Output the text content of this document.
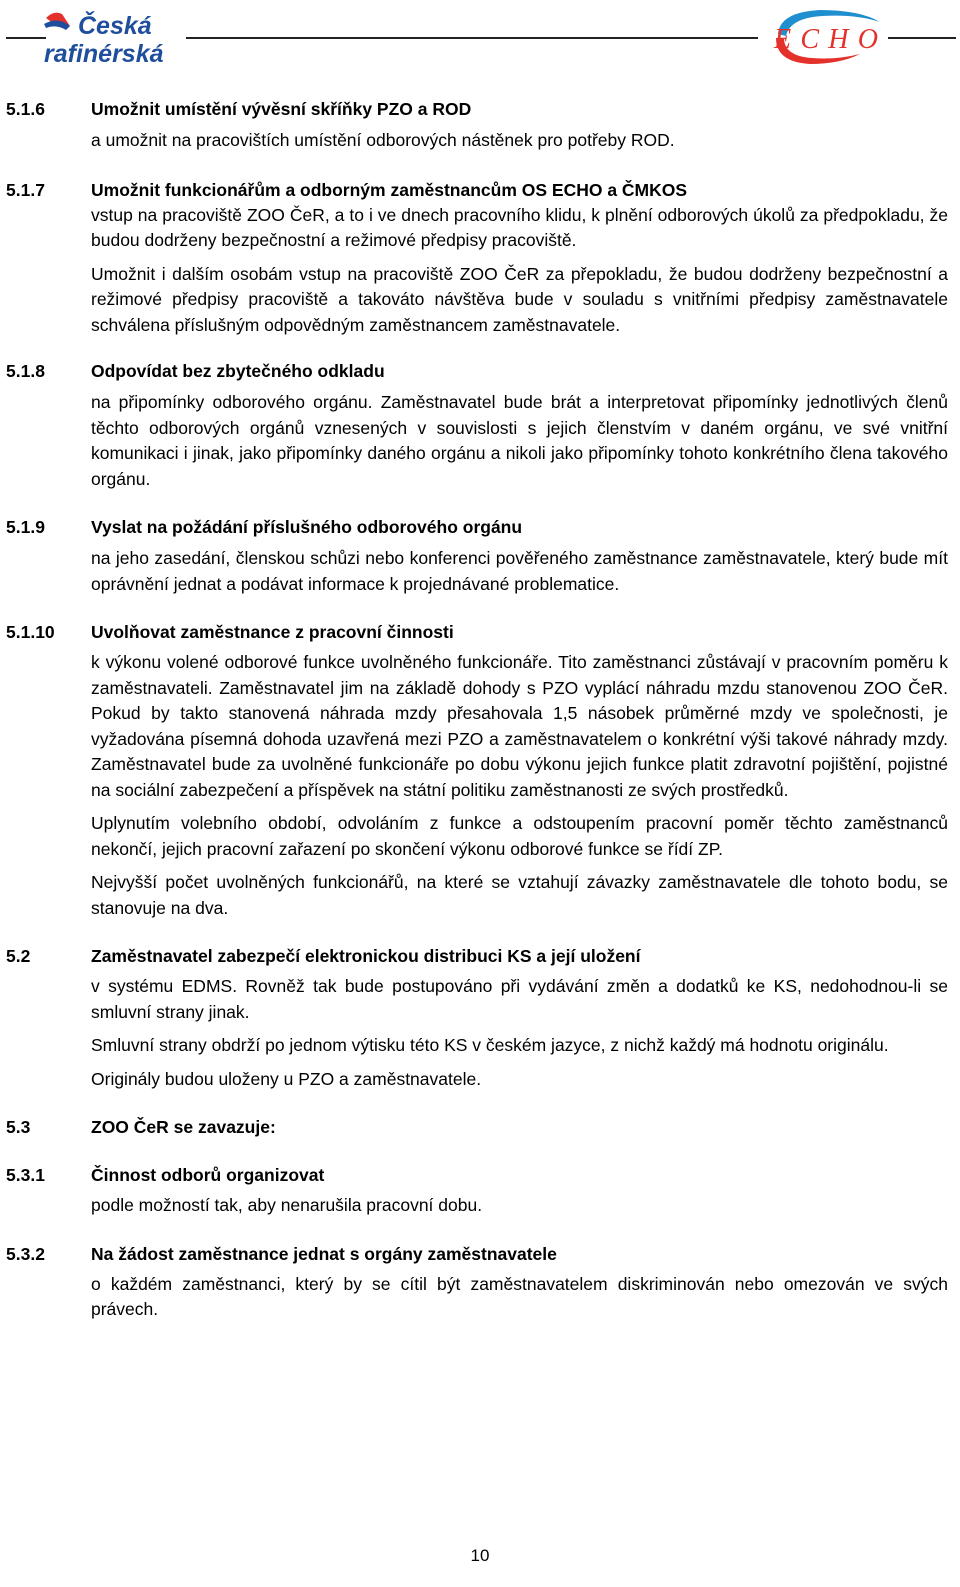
Česká
rafinérská	ECHO
5.1.6	Umožnit umístění vývěsní skříňky PZO a ROD

a umožnit na pracovištích umístění odborových nástěnek pro potřeby ROD.

5.1.7	Umožnit funkcionářům a odborným zaměstnancům OS ECHO a ČMKOS

vstup na pracoviště ZOO ČeR, a to i ve dnech pracovního klidu, k plnění odborových úkolů za předpokladu, že budou dodrženy bezpečnostní a režimové předpisy pracoviště.

Umožnit i dalším osobám vstup na pracoviště ZOO ČeR za přepokladu, že budou dodrženy bezpečnostní a režimové předpisy pracoviště a takováto návštěva bude v souladu s vnitřními předpisy zaměstnavatele schválena příslušným odpovědným zaměstnancem zaměstnavatele.

5.1.8	Odpovídat bez zbytečného odkladu

na připomínky odborového orgánu. Zaměstnavatel bude brát a interpretovat připomínky jednotlivých členů těchto odborových orgánů vznesených v souvislosti s jejich členstvím v daném orgánu, ve své vnitřní komunikaci i jinak, jako připomínky daného orgánu a nikoli jako připomínky tohoto konkrétního člena takového orgánu.

5.1.9	Vyslat na požádání příslušného odborového orgánu

na jeho zasedání, členskou schůzi nebo konferenci pověřeného zaměstnance zaměstnavatele, který bude mít oprávnění jednat a podávat informace k projednávané problematice.

5.1.10 Uvolňovat zaměstnance z pracovní činnosti

k výkonu volené odborové funkce uvolněného funkcionáře. Tito zaměstnanci zůstávají v pracovním poměru k zaměstnavateli. Zaměstnavatel jim na základě dohody s PZO vyplácí náhradu mzdu stanovenou ZOO ČeR. Pokud by takto stanovená náhrada mzdy přesahovala 1,5 násobek průměrné mzdy ve společnosti, je vyžadována písemná dohoda uzavřená mezi PZO a zaměstnavatelem o konkrétní výši takové náhrady mzdy. Zaměstnavatel bude za uvolněné funkcionáře po dobu výkonu jejich funkce platit zdravotní pojištění, pojistné na sociální zabezpečení a příspěvek na státní politiku zaměstnanosti ze svých prostředků.

Uplynutím volebního období, odvoláním z funkce a odstoupením pracovní poměr těchto zaměstnanců nekončí, jejich pracovní zařazení po skončení výkonu odborové funkce se řídí ZP.

Nejvyšší počet uvolněných funkcionářů, na které se vztahují závazky zaměstnavatele dle tohoto bodu, se stanovuje na dva.

5.2	Zaměstnavatel zabezpečí elektronickou distribuci KS a její uložení

v systému EDMS. Rovněž tak bude postupováno při vydávání změn a dodatků ke KS, nedohodnou-li se smluvní strany jinak.

Smluvní strany obdrží po jednom výtisku této KS v českém jazyce, z nichž každý má hodnotu originálu.

Originály budou uloženy u PZO a zaměstnavatele.

5.3	ZOO ČeR se zavazuje:
5.3.1	Činnost odborů organizovat

podle možností tak, aby nenarušila pracovní dobu.

5.3.2	Na žádost zaměstnance jednat s orgány zaměstnavatele

o každém zaměstnanci, který by se cítil být zaměstnavatelem diskriminován nebo omezován ve svých právech.

10
